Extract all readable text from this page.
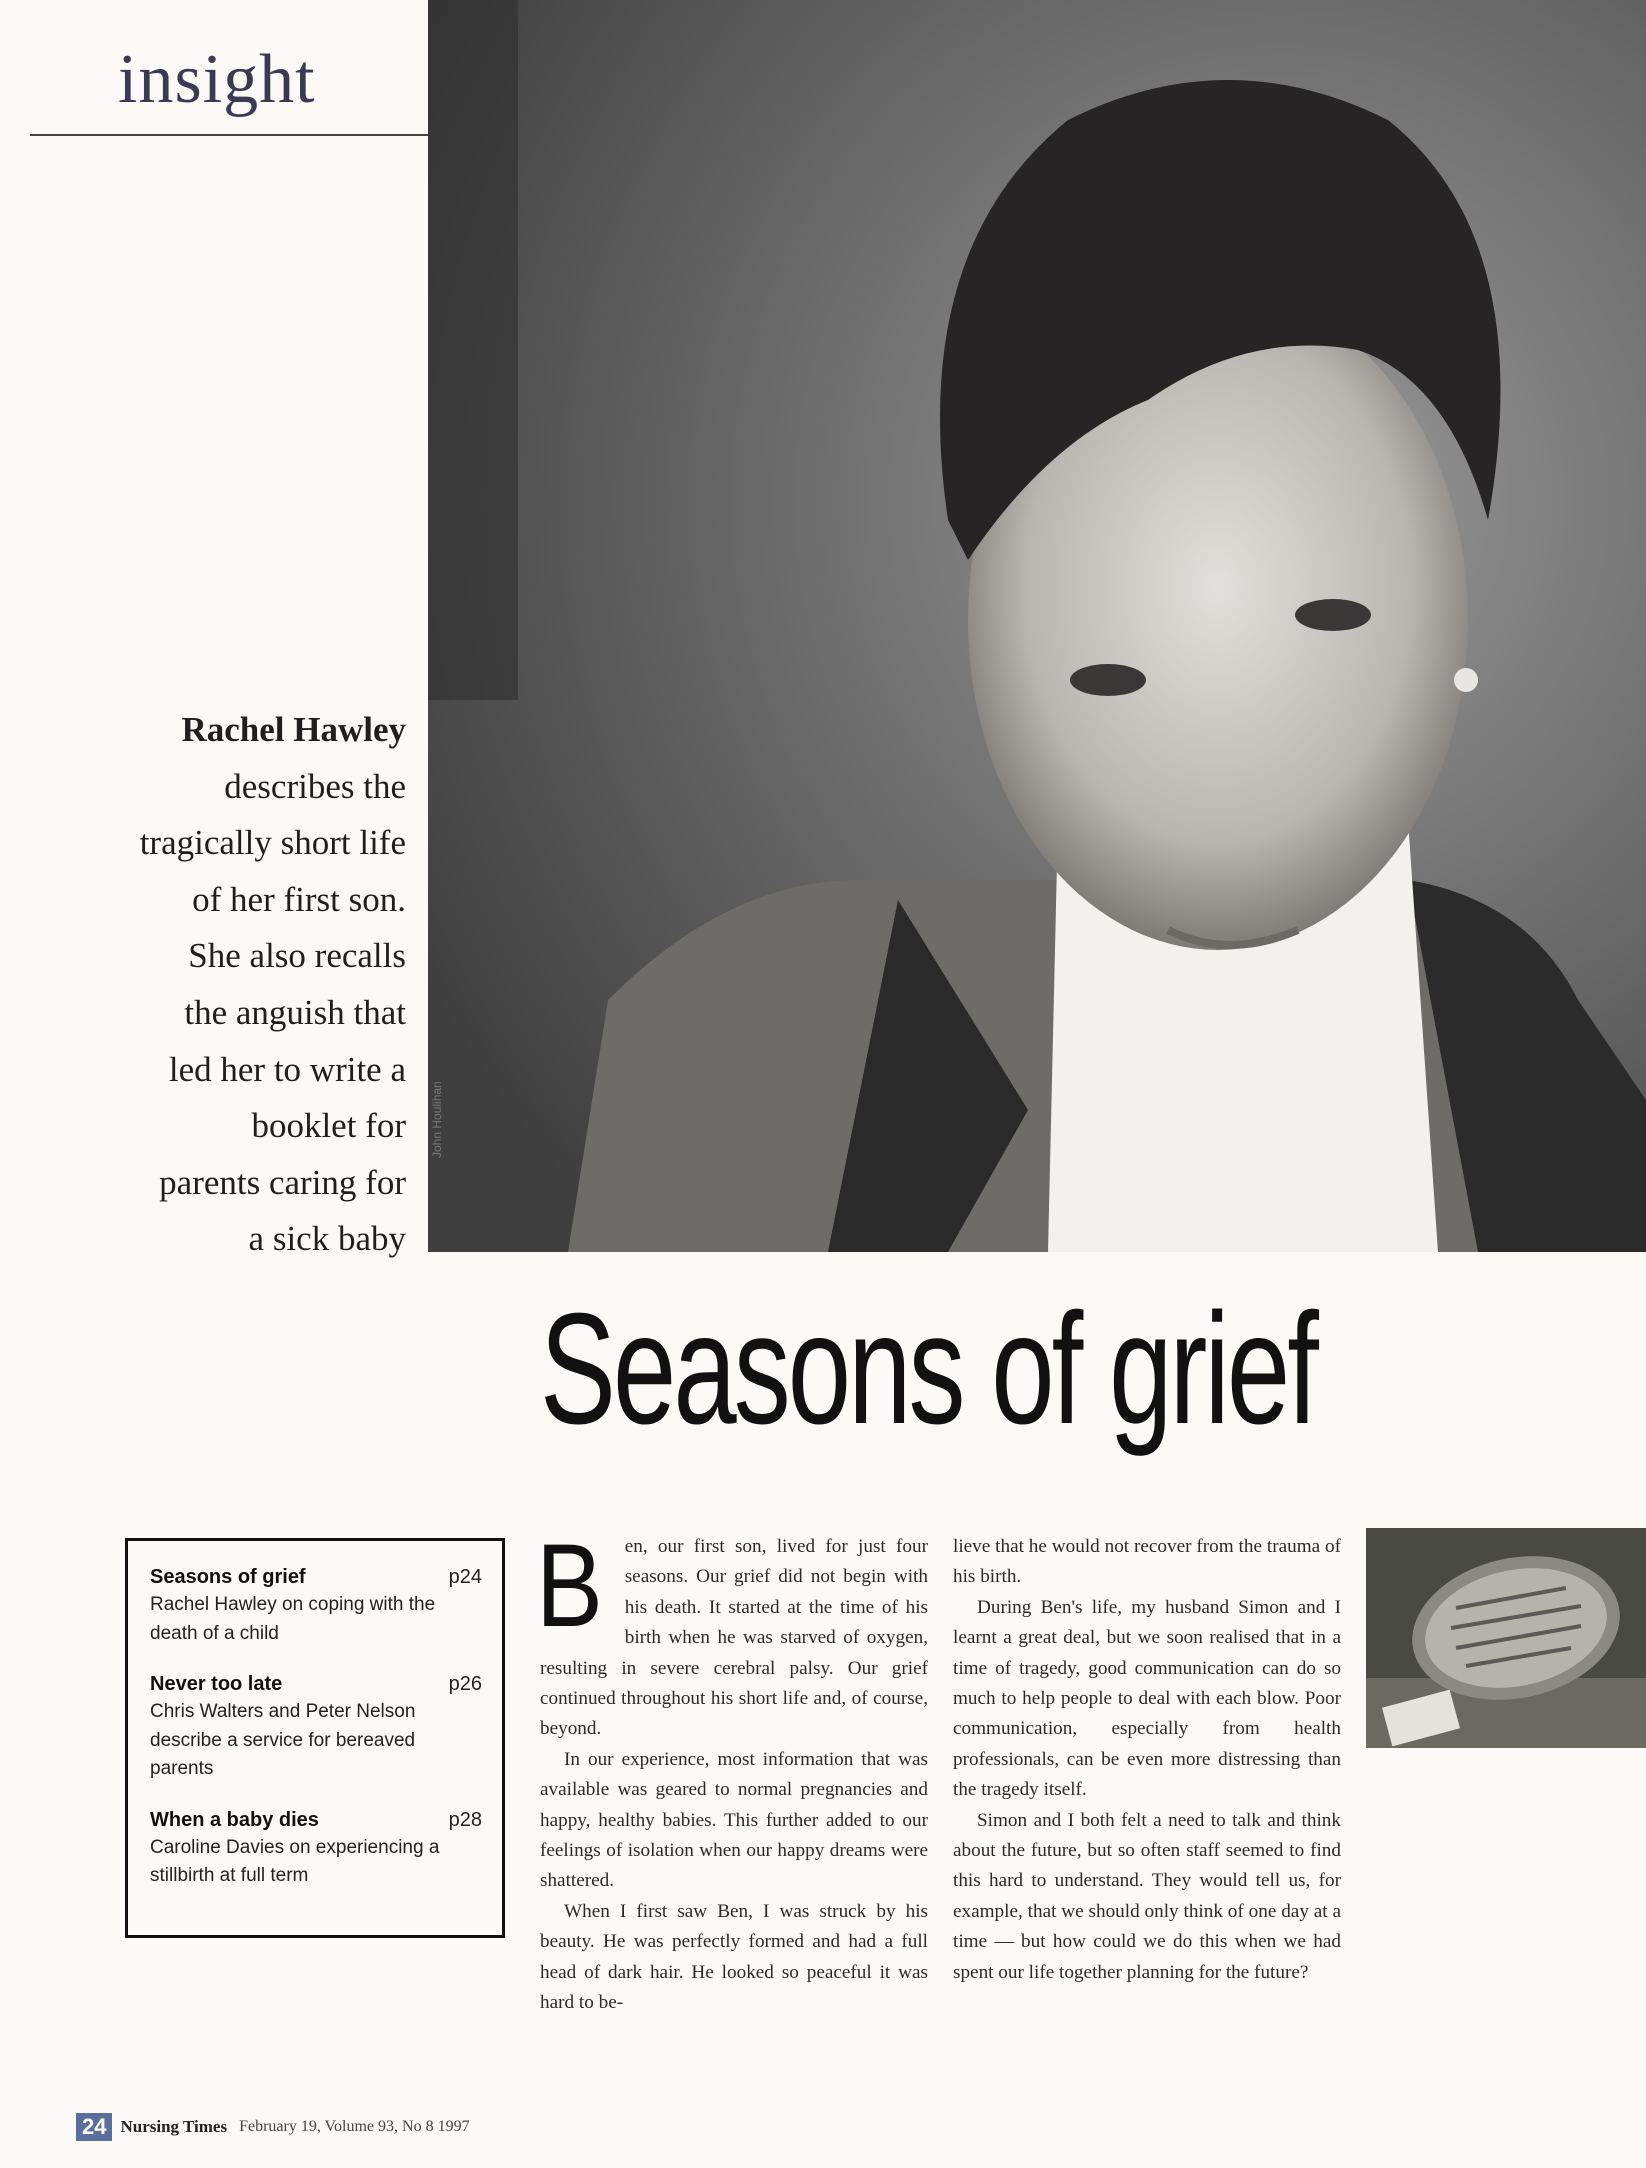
insight
John Houlihan
Rachel Hawley
describes the
tragically short life
of her first son.
She also recalls
the anguish that
led her to write a
booklet for
parents caring for
a sick baby
Seasons of grief
Seasons of grief	p24
Rachel Hawley on coping with the death of a child
Never too late	p26
Chris Walters and Peter Nelson describe a service for bereaved parents
When a baby dies	p28
Caroline Davies on experiencing a stillbirth at full term

B en, our first son, lived for just four seasons. Our grief did not begin with his death. It started at the time of his birth when he was starved of oxygen, resulting in severe cerebral palsy. Our grief continued throughout his short life and, of course, beyond.

In our experience, most information that was available was geared to normal pregnancies and happy, healthy babies. This further added to our feelings of isolation when our happy dreams were shattered.

When I first saw Ben, I was struck by his beauty. He was perfectly formed and had a full head of dark hair. He looked so peaceful it was hard to be-

lieve that he would not recover from the trauma of his birth.

During Ben's life, my husband Simon and I learnt a great deal, but we soon realised that in a time of tragedy, good communication can do so much to help people to deal with each blow. Poor communication, especially from health professionals, can be even more distressing than the tragedy itself.

Simon and I both felt a need to talk and think about the future, but so often staff seemed to find this hard to understand. They would tell us, for example, that we should only think of one day at a time — but how could we do this when we had spent our life together planning for the future?

24 Nursing Times February 19, Volume 93, No 8 1997
